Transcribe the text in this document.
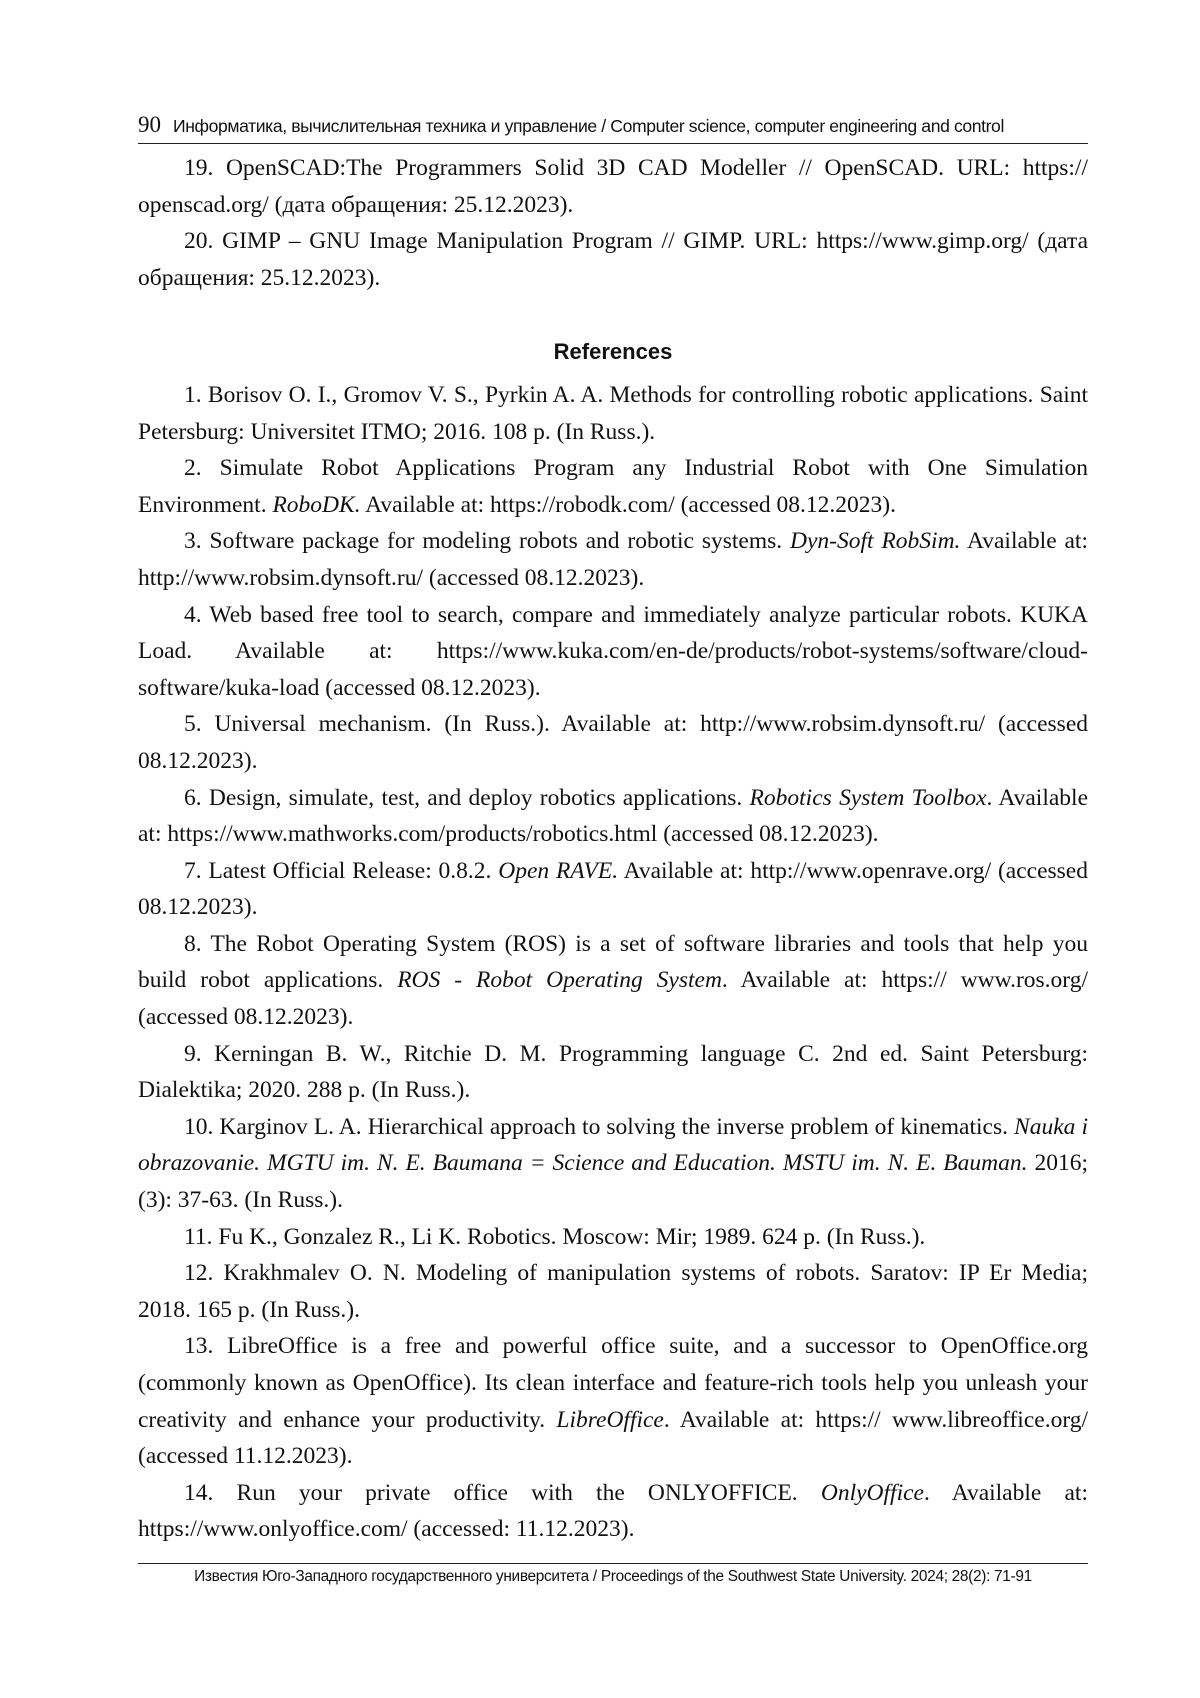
90 Информатика, вычислительная техника и управление / Computer science, computer engineering and control

19. OpenSCAD:The Programmers Solid 3D CAD Modeller // OpenSCAD. URL: https:// openscad.org/ (дата обращения: 25.12.2023).

20. GIMP – GNU Image Manipulation Program // GIMP. URL: https://www.gimp.org/ (дата обращения: 25.12.2023).

References

1. Borisov O. I., Gromov V. S., Pyrkin A. A. Methods for controlling robotic applications. Saint Petersburg: Universitet ITMO; 2016. 108 p. (In Russ.).

2. Simulate Robot Applications Program any Industrial Robot with One Simulation Environment. RoboDK. Available at: https://robodk.com/ (accessed 08.12.2023).

3. Software package for modeling robots and robotic systems. Dyn-Soft RobSim. Available at: http://www.robsim.dynsoft.ru/ (accessed 08.12.2023).

4. Web based free tool to search, compare and immediately analyze particular robots. KUKA Load. Available at: https://www.kuka.com/en-de/products/robot-systems/software/cloud-software/kuka-load (accessed 08.12.2023).

5. Universal mechanism. (In Russ.). Available at: http://www.robsim.dynsoft.ru/ (accessed 08.12.2023).

6. Design, simulate, test, and deploy robotics applications. Robotics System Toolbox. Available at: https://www.mathworks.com/products/robotics.html (accessed 08.12.2023).

7. Latest Official Release: 0.8.2. Open RAVE. Available at: http://www.openrave.org/ (accessed 08.12.2023).

8. The Robot Operating System (ROS) is a set of software libraries and tools that help you build robot applications. ROS - Robot Operating System. Available at: https:// www.ros.org/ (accessed 08.12.2023).

9. Kerningan B. W., Ritchie D. M. Programming language C. 2nd ed. Saint Petersburg: Dialektika; 2020. 288 p. (In Russ.).

10. Karginov L. A. Hierarchical approach to solving the inverse problem of kinematics. Nauka i obrazovanie. MGTU im. N. E. Baumana = Science and Education. MSTU im. N. E. Bauman. 2016; (3): 37-63. (In Russ.).

11. Fu K., Gonzalez R., Li K. Robotics. Moscow: Mir; 1989. 624 p. (In Russ.).

12. Krakhmalev O. N. Modeling of manipulation systems of robots. Saratov: IP Er Media; 2018. 165 p. (In Russ.).

13. LibreOffice is a free and powerful office suite, and a successor to OpenOffice.org (commonly known as OpenOffice). Its clean interface and feature-rich tools help you unleash your creativity and enhance your productivity. LibreOffice. Available at: https:// www.libreoffice.org/ (accessed 11.12.2023).

14. Run your private office with the ONLYOFFICE. OnlyOffice. Available at: https://www.onlyoffice.com/ (accessed: 11.12.2023).

Известия Юго-Западного государственного университета / Proceedings of the Southwest State University. 2024; 28(2): 71-91
